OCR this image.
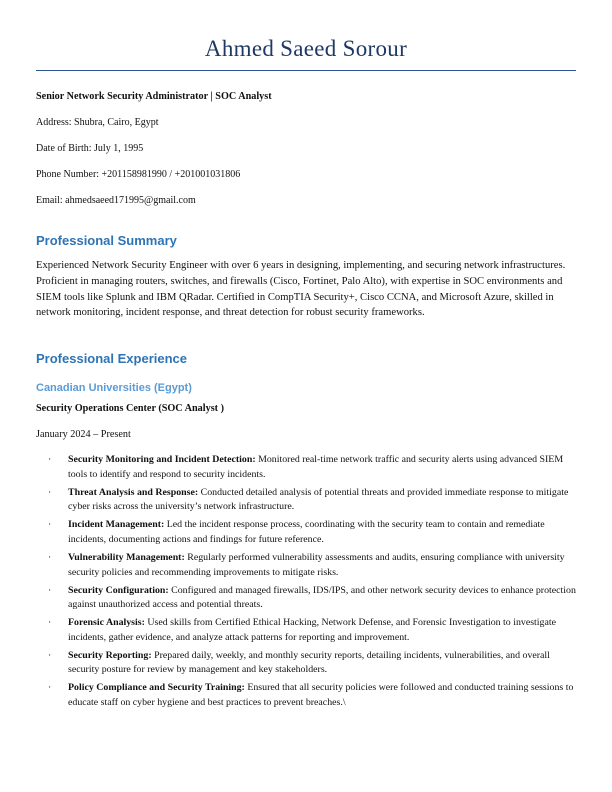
Ahmed Saeed Sorour

Senior Network Security Administrator | SOC Analyst

Address: Shubra, Cairo, Egypt

Date of Birth: July 1, 1995

Phone Number: +201158981990 / +201001031806

Email: ahmedsaeed171995@gmail.com

Professional Summary

Experienced Network Security Engineer with over 6 years in designing, implementing, and securing network infrastructures. Proficient in managing routers, switches, and firewalls (Cisco, Fortinet, Palo Alto), with expertise in SOC environments and SIEM tools like Splunk and IBM QRadar. Certified in CompTIA Security+, Cisco CCNA, and Microsoft Azure, skilled in network monitoring, incident response, and threat detection for robust security frameworks.

Professional Experience
Canadian Universities (Egypt)

Security Operations Center (SOC Analyst )

January 2024 – Present

·	Security Monitoring and Incident Detection: Monitored real-time network traffic and security alerts using advanced SIEM tools to identify and respond to security incidents.
·	Threat Analysis and Response: Conducted detailed analysis of potential threats and provided immediate response to mitigate cyber risks across the university’s network infrastructure.
·	Incident Management: Led the incident response process, coordinating with the security team to contain and remediate incidents, documenting actions and findings for future reference.
·	Vulnerability Management: Regularly performed vulnerability assessments and audits, ensuring compliance with university security policies and recommending improvements to mitigate risks.
·	Security Configuration: Configured and managed firewalls, IDS/IPS, and other network security devices to enhance protection against unauthorized access and potential threats.
·	Forensic Analysis: Used skills from Certified Ethical Hacking, Network Defense, and Forensic Investigation to investigate incidents, gather evidence, and analyze attack patterns for reporting and improvement.
·	Security Reporting: Prepared daily, weekly, and monthly security reports, detailing incidents, vulnerabilities, and overall security posture for review by management and key stakeholders.
·	Policy Compliance and Security Training: Ensured that all security policies were followed and conducted training sessions to educate staff on cyber hygiene and best practices to prevent breaches.\
